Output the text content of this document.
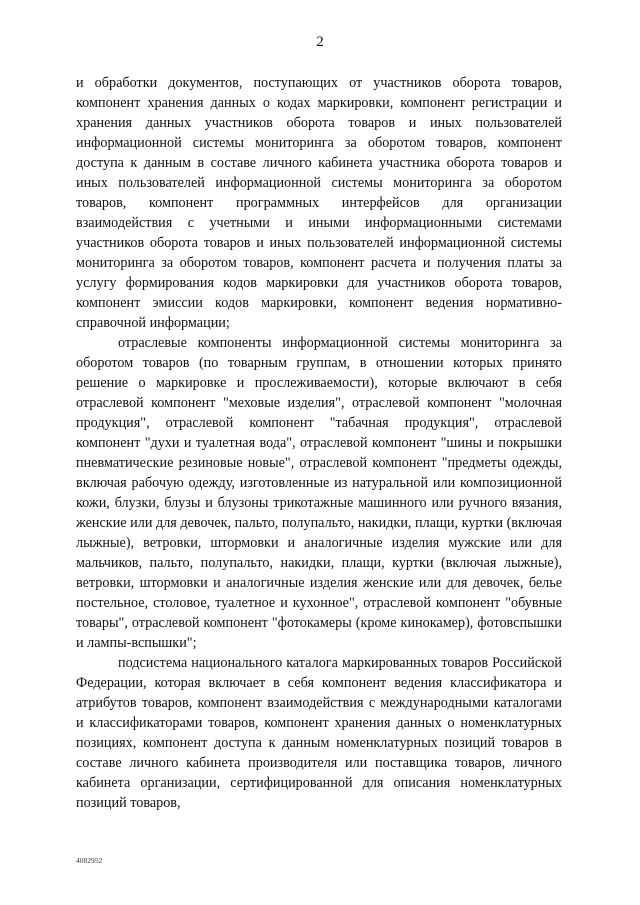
2

и обработки документов, поступающих от участников оборота товаров, компонент хранения данных о кодах маркировки, компонент регистрации и хранения данных участников оборота товаров и иных пользователей информационной системы мониторинга за оборотом товаров, компонент доступа к данным в составе личного кабинета участника оборота товаров и иных пользователей информационной системы мониторинга за оборотом товаров, компонент программных интерфейсов для организации взаимодействия с учетными и иными информационными системами участников оборота товаров и иных пользователей информационной системы мониторинга за оборотом товаров, компонент расчета и получения платы за услугу формирования кодов маркировки для участников оборота товаров, компонент эмиссии кодов маркировки, компонент ведения нормативно-справочной информации;

отраслевые компоненты информационной системы мониторинга за оборотом товаров (по товарным группам, в отношении которых принято решение о маркировке и прослеживаемости), которые включают в себя отраслевой компонент "меховые изделия", отраслевой компонент "молочная продукция", отраслевой компонент "табачная продукция", отраслевой компонент "духи и туалетная вода", отраслевой компонент "шины и покрышки пневматические резиновые новые", отраслевой компонент "предметы одежды, включая рабочую одежду, изготовленные из натуральной или композиционной кожи, блузки, блузы и блузоны трикотажные машинного или ручного вязания, женские или для девочек, пальто, полупальто, накидки, плащи, куртки (включая лыжные), ветровки, штормовки и аналогичные изделия мужские или для мальчиков, пальто, полупальто, накидки, плащи, куртки (включая лыжные), ветровки, штормовки и аналогичные изделия женские или для девочек, белье постельное, столовое, туалетное и кухонное", отраслевой компонент "обувные товары", отраслевой компонент "фотокамеры (кроме кинокамер), фотовспышки и лампы-вспышки";

подсистема национального каталога маркированных товаров Российской Федерации, которая включает в себя компонент ведения классификатора и атрибутов товаров, компонент взаимодействия с международными каталогами и классификаторами товаров, компонент хранения данных о номенклатурных позициях, компонент доступа к данным номенклатурных позиций товаров в составе личного кабинета производителя или поставщика товаров, личного кабинета организации, сертифицированной для описания номенклатурных позиций товаров,

4082952
